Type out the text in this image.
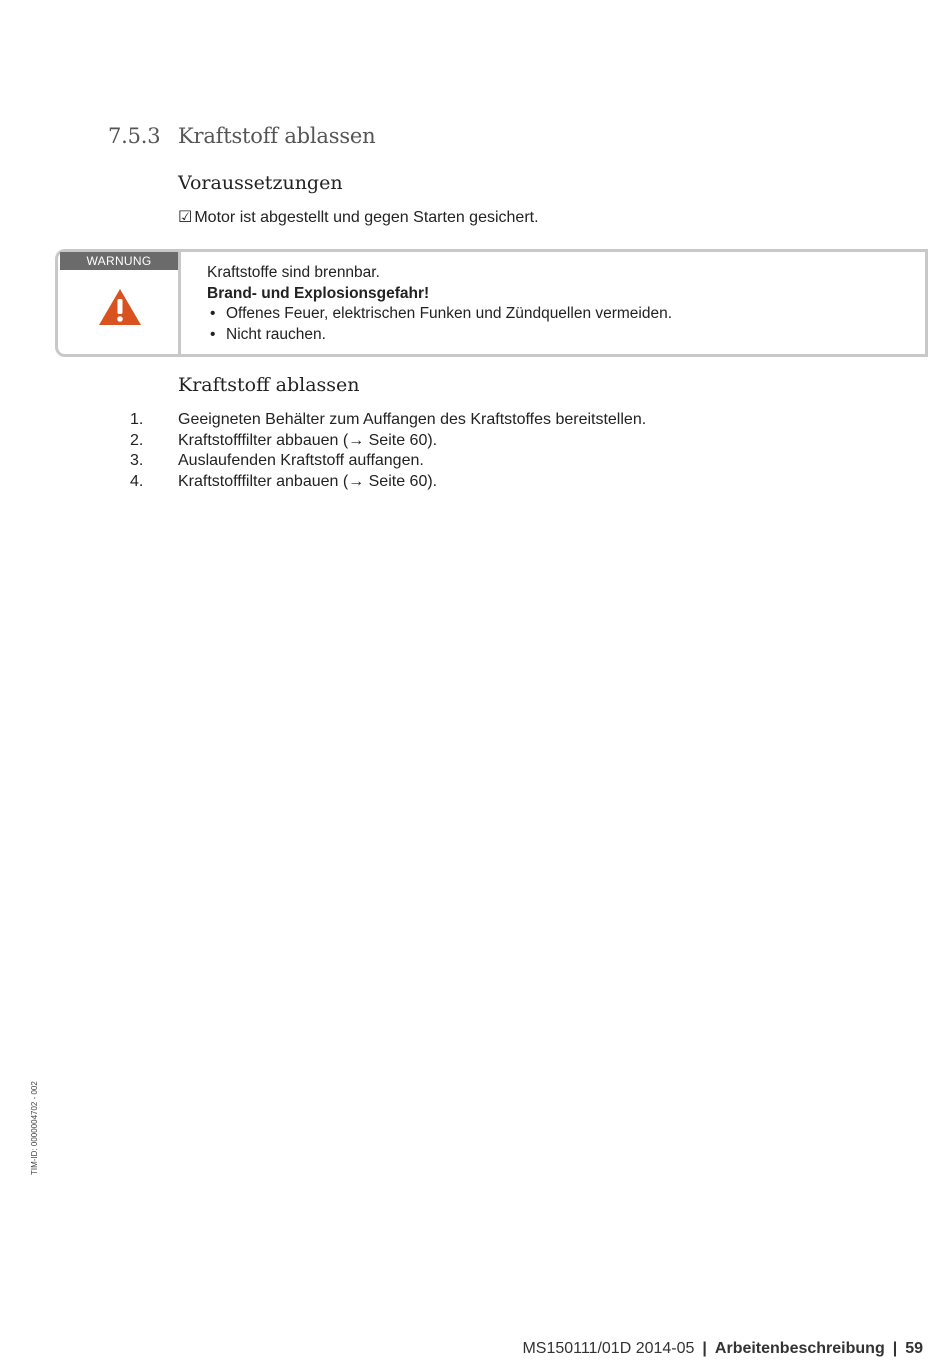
7.5.3 Kraftstoff ablassen
Voraussetzungen
☑ Motor ist abgestellt und gegen Starten gesichert.
WARNUNG
Kraftstoffe sind brennbar.
Brand- und Explosionsgefahr!
• Offenes Feuer, elektrischen Funken und Zündquellen vermeiden.
• Nicht rauchen.
Kraftstoff ablassen
1.	Geeigneten Behälter zum Auffangen des Kraftstoffes bereitstellen.
2.	Kraftstofffilter abbauen (→ Seite 60).
3.	Auslaufenden Kraftstoff auffangen.
4.	Kraftstofffilter anbauen (→ Seite 60).
TIM-ID: 0000004702 - 002
MS150111/01D 2014-05 | Arbeitenbeschreibung | 59
